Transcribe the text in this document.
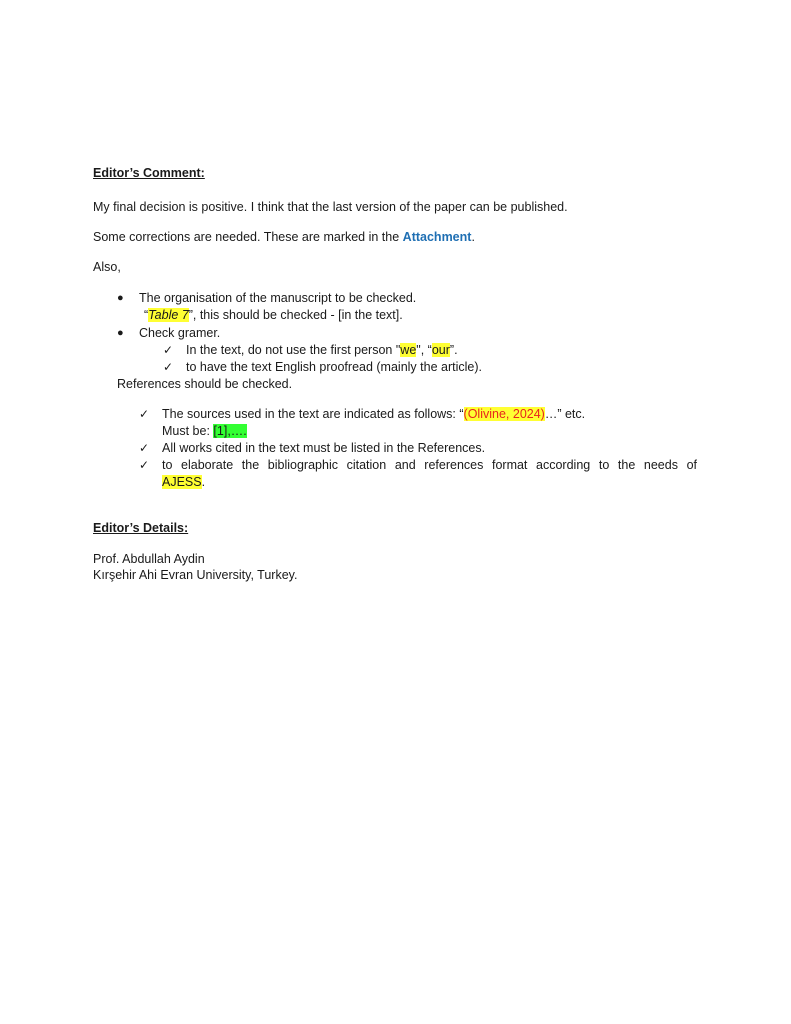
Editor’s Comment:
My final decision is positive. I think that the last version of the paper can be published.
Some corrections are needed. These are marked in the Attachment.
Also,
● The organisation of the manuscript to be checked.
“Table 7”, this should be checked - [in the text].
● Check gramer.
✓ In the text, do not use the first person "we", “our”.
✓ to have the text English proofread (mainly the article).
References should be checked.
✓ The sources used in the text are indicated as follows: “(Olivine, 2024)…” etc.
Must be: [1],….
✓ All works cited in the text must be listed in the References.
✓ to elaborate the bibliographic citation and references format according to the needs of
AJESS.
Editor’s Details:
Prof. Abdullah Aydin
Kırşehir Ahi Evran University, Turkey.
